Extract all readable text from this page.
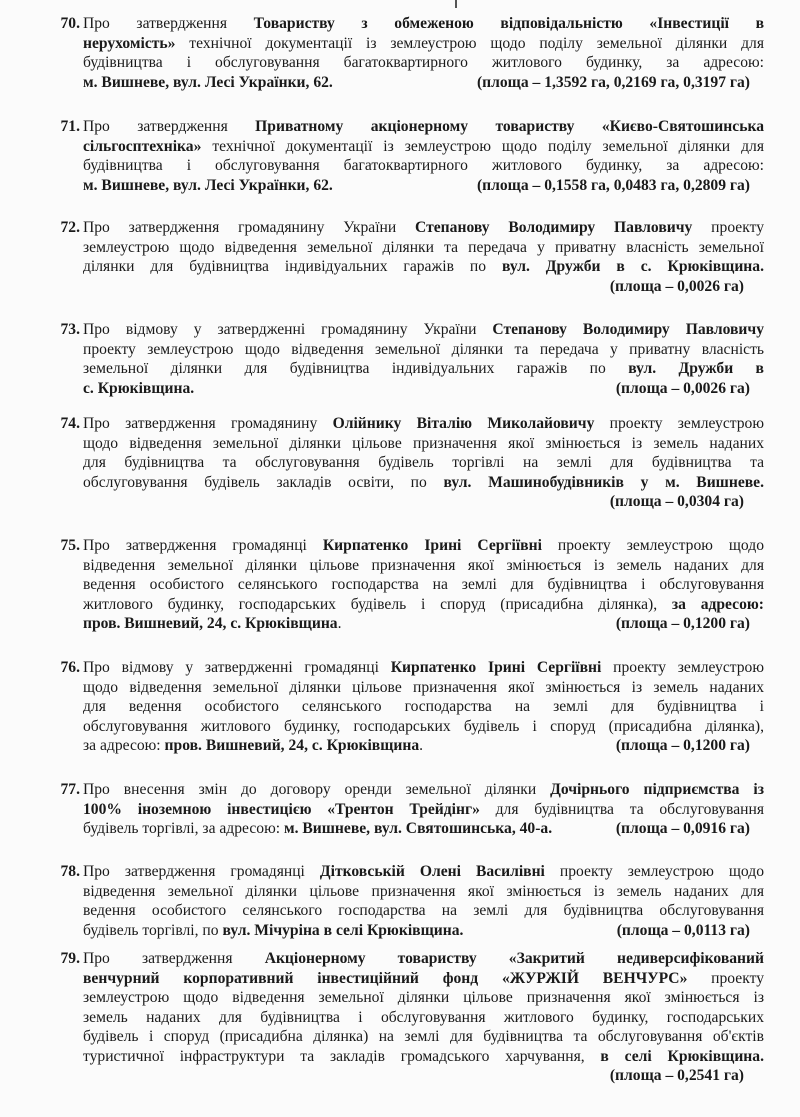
70. Про затвердження Товариству з обмеженою відповідальністю «Інвестиції в
нерухомість» технічної документації із землеустрою щодо поділу земельної ділянки для
будівництва і обслуговування багатоквартирного житлового будинку, за адресою:
м. Вишневе, вул. Лесі Українки, 62.	(площа – 1,3592 га, 0,2169 га, 0,3197 га)
71. Про затвердження Приватному акціонерному товариству «Києво-Святошинська
сільгосптехніка» технічної документації із землеустрою щодо поділу земельної ділянки для
будівництва і обслуговування багатоквартирного житлового будинку, за адресою:
м. Вишневе, вул. Лесі Українки, 62.	(площа – 0,1558 га, 0,0483 га, 0,2809 га)
72. Про затвердження громадянину України Степанову Володимиру Павловичу проекту
землеустрою щодо відведення земельної ділянки та передача у приватну власність земельної
ділянки для будівництва індивідуальних гаражів по вул. Дружби в с. Крюківщина.
(площа – 0,0026 га)
73. Про відмову у затвердженні громадянину України Степанову Володимиру Павловичу
проекту землеустрою щодо відведення земельної ділянки та передача у приватну власність
земельної ділянки для будівництва індивідуальних гаражів по вул. Дружби в
с. Крюківщина.	(площа – 0,0026 га)
74. Про затвердження громадянину Олійнику Віталію Миколайовичу проекту землеустрою
щодо відведення земельної ділянки цільове призначення якої змінюється із земель наданих
для будівництва та обслуговування будівель торгівлі на землі для будівництва та
обслуговування будівель закладів освіти, по вул. Машинобудівників у м. Вишневе.
(площа – 0,0304 га)
75. Про затвердження громадянці Кирпатенко Ірині Сергіївні проекту землеустрою щодо
відведення земельної ділянки цільове призначення якої змінюється із земель наданих для
ведення особистого селянського господарства на землі для будівництва і обслуговування
житлового будинку, господарських будівель і споруд (присадибна ділянка), за адресою:
пров. Вишневий, 24, с. Крюківщина.	(площа – 0,1200 га)
76. Про відмову у затвердженні громадянці Кирпатенко Ірині Сергіївні проекту землеустрою
щодо відведення земельної ділянки цільове призначення якої змінюється із земель наданих
для ведення особистого селянського господарства на землі для будівництва і
обслуговування житлового будинку, господарських будівель і споруд (присадибна ділянка),
за адресою: пров. Вишневий, 24, с. Крюківщина.	(площа – 0,1200 га)
77. Про внесення змін до договору оренди земельної ділянки Дочірнього підприємства із
100% іноземною інвестицією «Трентон Трейдінг» для будівництва та обслуговування
будівель торгівлі, за адресою: м. Вишневе, вул. Святошинська, 40-а.	(площа – 0,0916 га)
78. Про затвердження громадянці Дітковській Олені Василівні проекту землеустрою щодо
відведення земельної ділянки цільове призначення якої змінюється із земель наданих для
ведення особистого селянського господарства на землі для будівництва обслуговування
будівель торгівлі, по вул. Мічуріна в селі Крюківщина.	(площа – 0,0113 га)
79. Про затвердження Акціонерному товариству «Закритий недиверсифікований
венчурний корпоративний інвестиційний фонд «ЖУРЖІЙ ВЕНЧУРС» проекту
землеустрою щодо відведення земельної ділянки цільове призначення якої змінюється із
земель наданих для будівництва і обслуговування житлового будинку, господарських
будівель і споруд (присадибна ділянка) на землі для будівництва та обслуговування об'єктів
туристичної інфраструктури та закладів громадського харчування, в селі Крюківщина.
(площа – 0,2541 га)
